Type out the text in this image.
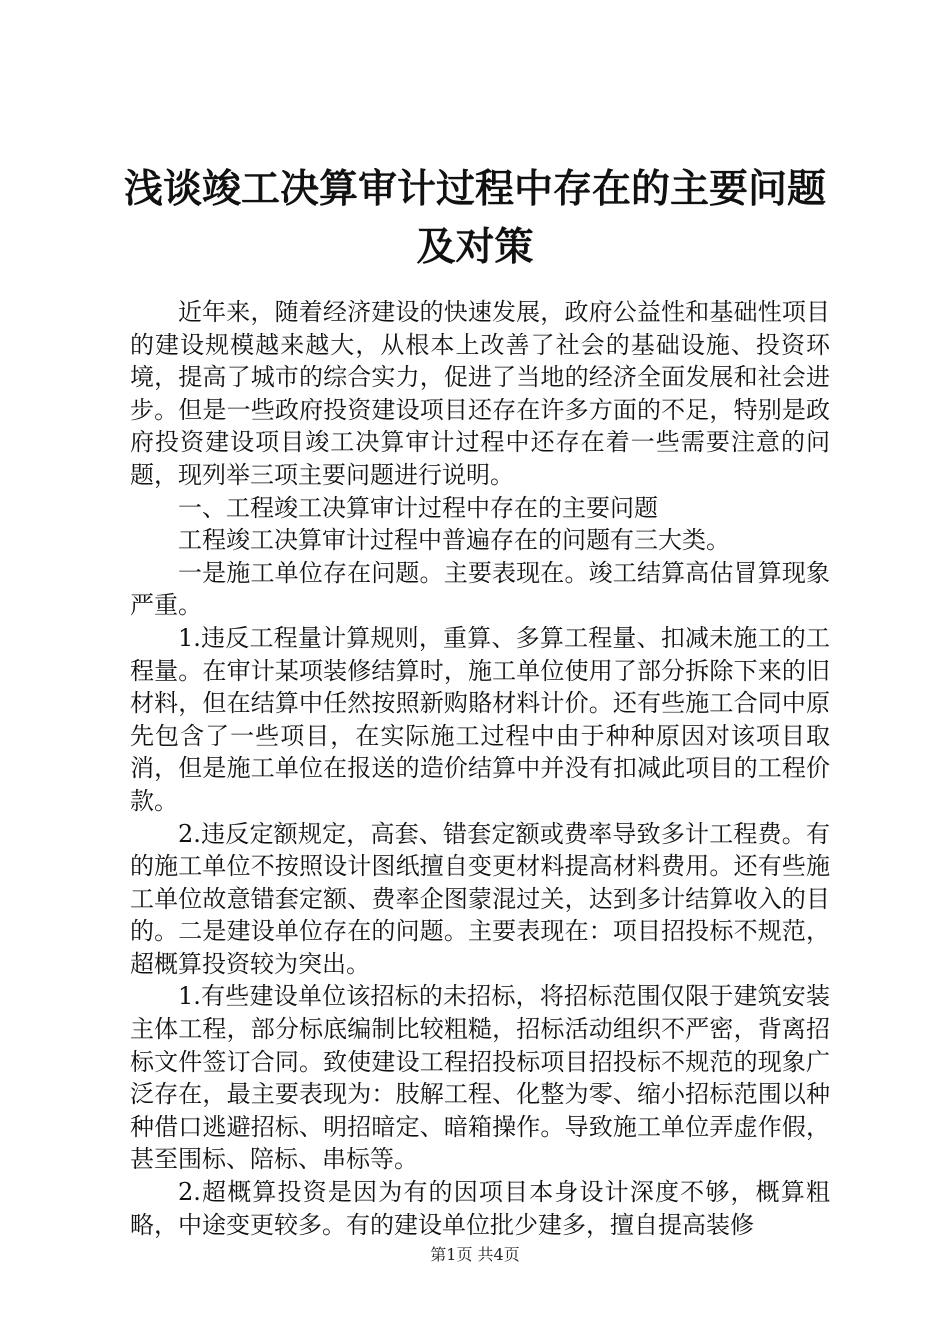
浅谈竣工决算审计过程中存在的主要问题及对策

近年来，随着经济建设的快速发展，政府公益性和基础性项目的建设规模越来越大，从根本上改善了社会的基础设施、投资环境，提高了城市的综合实力，促进了当地的经济全面发展和社会进步。但是一些政府投资建设项目还存在许多方面的不足，特别是政府投资建设项目竣工决算审计过程中还存在着一些需要注意的问题，现列举三项主要问题进行说明。

一、工程竣工决算审计过程中存在的主要问题

工程竣工决算审计过程中普遍存在的问题有三大类。

一是施工单位存在问题。主要表现在。竣工结算高估冒算现象严重。

1.违反工程量计算规则，重算、多算工程量、扣减未施工的工程量。在审计某项装修结算时，施工单位使用了部分拆除下来的旧材料，但在结算中任然按照新购賂材料计价。还有些施工合同中原先包含了一些项目，在实际施工过程中由于种种原因对该项目取消，但是施工单位在报送的造价结算中并没有扣减此项目的工程价款。

2.违反定额规定，高套、错套定额或费率导致多计工程费。有的施工单位不按照设计图纸擅自变更材料提高材料费用。还有些施工单位故意错套定额、费率企图蒙混过关，达到多计结算收入的目的。二是建设单位存在的问题。主要表现在：项目招投标不规范，超概算投资较为突出。

1.有些建设单位该招标的未招标，将招标范围仅限于建筑安装主体工程，部分标底编制比较粗糙，招标活动组织不严密，背离招标文件签订合同。致使建设工程招投标项目招投标不规范的现象广泛存在，最主要表现为：肢解工程、化整为零、缩小招标范围以种种借口逃避招标、明招暗定、暗箱操作。导致施工单位弄虚作假，甚至围标、陪标、串标等。

2.超概算投资是因为有的因项目本身设计深度不够，概算粗略，中途变更较多。有的建设单位批少建多，擅自提高装修

第1页 共4页
